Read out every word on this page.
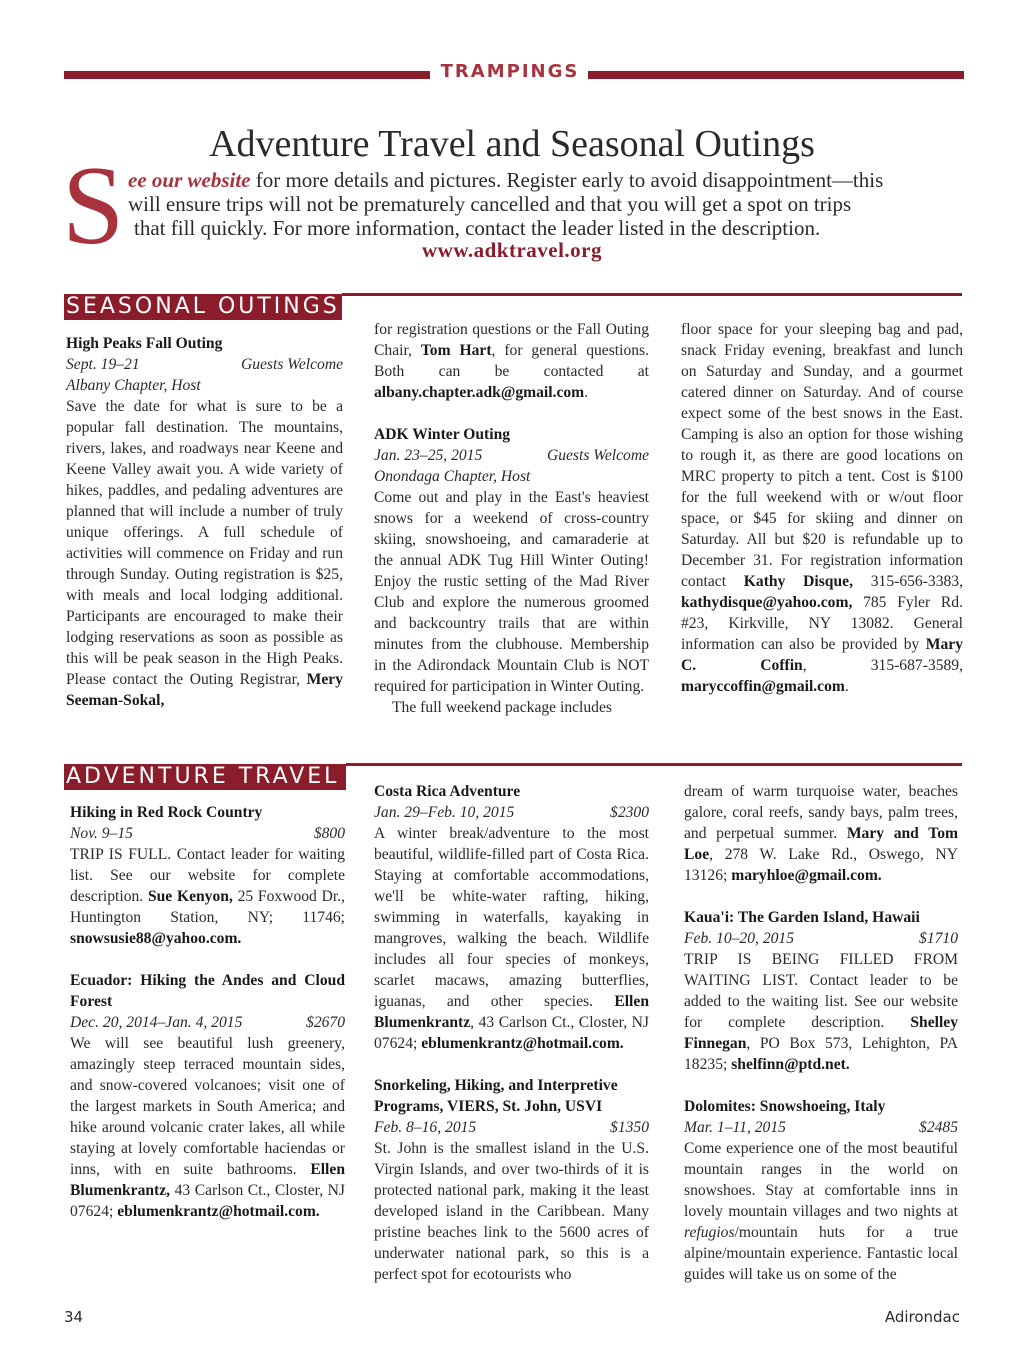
TRAMPINGS
Adventure Travel and Seasonal Outings
S ee our website for more details and pictures. Register early to avoid disappointment—this
will ensure trips will not be prematurely cancelled and that you will get a spot on trips
that fill quickly. For more information, contact the leader listed in the description.
www.adktravel.org
SEASONAL OUTINGS

High Peaks Fall Outing

Sept. 19–21	Guests Welcome

Albany Chapter, Host

Save the date for what is sure to be a popular fall destination. The mountains, rivers, lakes, and roadways near Keene and Keene Valley await you. A wide variety of hikes, paddles, and pedaling adventures are planned that will include a number of truly unique offerings. A full schedule of activities will commence on Friday and run through Sunday. Outing registration is $25, with meals and local lodging additional. Participants are encouraged to make their lodging reservations as soon as possible as this will be peak season in the High Peaks. Please contact the Outing Registrar, Mery Seeman-Sokal,

for registration questions or the Fall Outing Chair, Tom Hart, for general questions. Both can be contacted at albany.chapter.adk@gmail.com.

ADK Winter Outing

Jan. 23–25, 2015	Guests Welcome

Onondaga Chapter, Host

Come out and play in the East's heaviest snows for a weekend of cross-country skiing, snowshoeing, and camaraderie at the annual ADK Tug Hill Winter Outing! Enjoy the rustic setting of the Mad River Club and explore the numerous groomed and backcountry trails that are within minutes from the clubhouse. Membership in the Adirondack Mountain Club is NOT required for participation in Winter Outing.

The full weekend package includes

floor space for your sleeping bag and pad, snack Friday evening, breakfast and lunch on Saturday and Sunday, and a gourmet catered dinner on Saturday. And of course expect some of the best snows in the East. Camping is also an option for those wishing to rough it, as there are good locations on MRC property to pitch a tent. Cost is $100 for the full weekend with or w/out floor space, or $45 for skiing and dinner on Saturday. All but $20 is refundable up to December 31. For registration information contact Kathy Disque, 315-656-3383, kathydisque@yahoo.com, 785 Fyler Rd. #23, Kirkville, NY 13082. General information can also be provided by Mary C. Coffin, 315-687-3589, maryccoffin@gmail.com.

ADVENTURE TRAVEL

Hiking in Red Rock Country

Nov. 9–15	$800

TRIP IS FULL. Contact leader for waiting list. See our website for complete description. Sue Kenyon, 25 Foxwood Dr., Huntington Station, NY; 11746; snowsusie88@yahoo.com.

Ecuador: Hiking the Andes and Cloud Forest

Dec. 20, 2014–Jan. 4, 2015	$2670

We will see beautiful lush greenery, amazingly steep terraced mountain sides, and snow-covered volcanoes; visit one of the largest markets in South America; and hike around volcanic crater lakes, all while staying at lovely comfortable haciendas or inns, with en suite bathrooms. Ellen Blumenkrantz, 43 Carlson Ct., Closter, NJ 07624; eblumenkrantz@hotmail.com.

Costa Rica Adventure

Jan. 29–Feb. 10, 2015	$2300

A winter break/adventure to the most beautiful, wildlife-filled part of Costa Rica. Staying at comfortable accommodations, we'll be white-water rafting, hiking, swimming in waterfalls, kayaking in mangroves, walking the beach. Wildlife includes all four species of monkeys, scarlet macaws, amazing butterflies, iguanas, and other species. Ellen Blumenkrantz, 43 Carlson Ct., Closter, NJ 07624; eblumenkrantz@hotmail.com.

Snorkeling, Hiking, and Interpretive Programs, VIERS, St. John, USVI

Feb. 8–16, 2015	$1350

St. John is the smallest island in the U.S. Virgin Islands, and over two-thirds of it is protected national park, making it the least developed island in the Caribbean. Many pristine beaches link to the 5600 acres of underwater national park, so this is a perfect spot for ecotourists who

dream of warm turquoise water, beaches galore, coral reefs, sandy bays, palm trees, and perpetual summer. Mary and Tom Loe, 278 W. Lake Rd., Oswego, NY 13126; maryhloe@gmail.com.

Kaua'i: The Garden Island, Hawaii

Feb. 10–20, 2015	$1710

TRIP IS BEING FILLED FROM WAITING LIST. Contact leader to be added to the waiting list. See our website for complete description. Shelley Finnegan, PO Box 573, Lehighton, PA 18235; shelfinn@ptd.net.

Dolomites: Snowshoeing, Italy

Mar. 1–11, 2015	$2485

Come experience one of the most beautiful mountain ranges in the world on snowshoes. Stay at comfortable inns in lovely mountain villages and two nights at refugios/mountain huts for a true alpine/mountain experience. Fantastic local guides will take us on some of the

34	Adirondac
